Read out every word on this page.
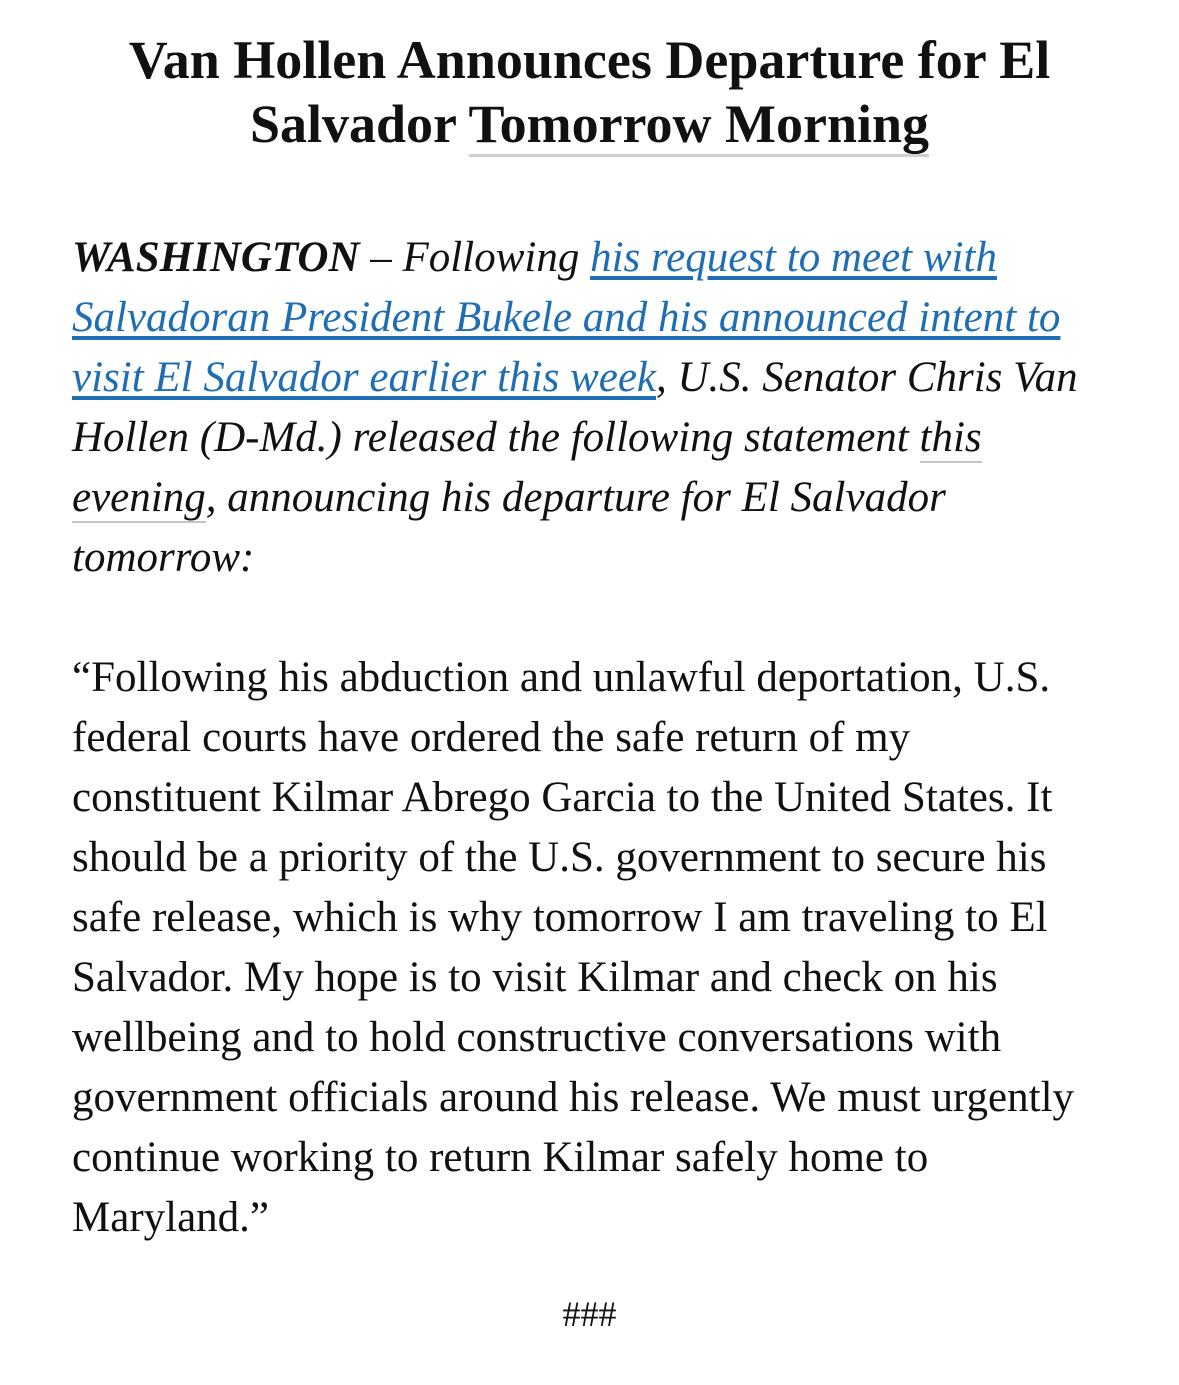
Van Hollen Announces Departure for El Salvador Tomorrow Morning

WASHINGTON – Following his request to meet with Salvadoran President Bukele and his announced intent to visit El Salvador earlier this week, U.S. Senator Chris Van Hollen (D-Md.) released the following statement this evening, announcing his departure for El Salvador tomorrow:

“Following his abduction and unlawful deportation, U.S. federal courts have ordered the safe return of my constituent Kilmar Abrego Garcia to the United States. It should be a priority of the U.S. government to secure his safe release, which is why tomorrow I am traveling to El Salvador. My hope is to visit Kilmar and check on his wellbeing and to hold constructive conversations with government officials around his release. We must urgently continue working to return Kilmar safely home to Maryland.”

###
